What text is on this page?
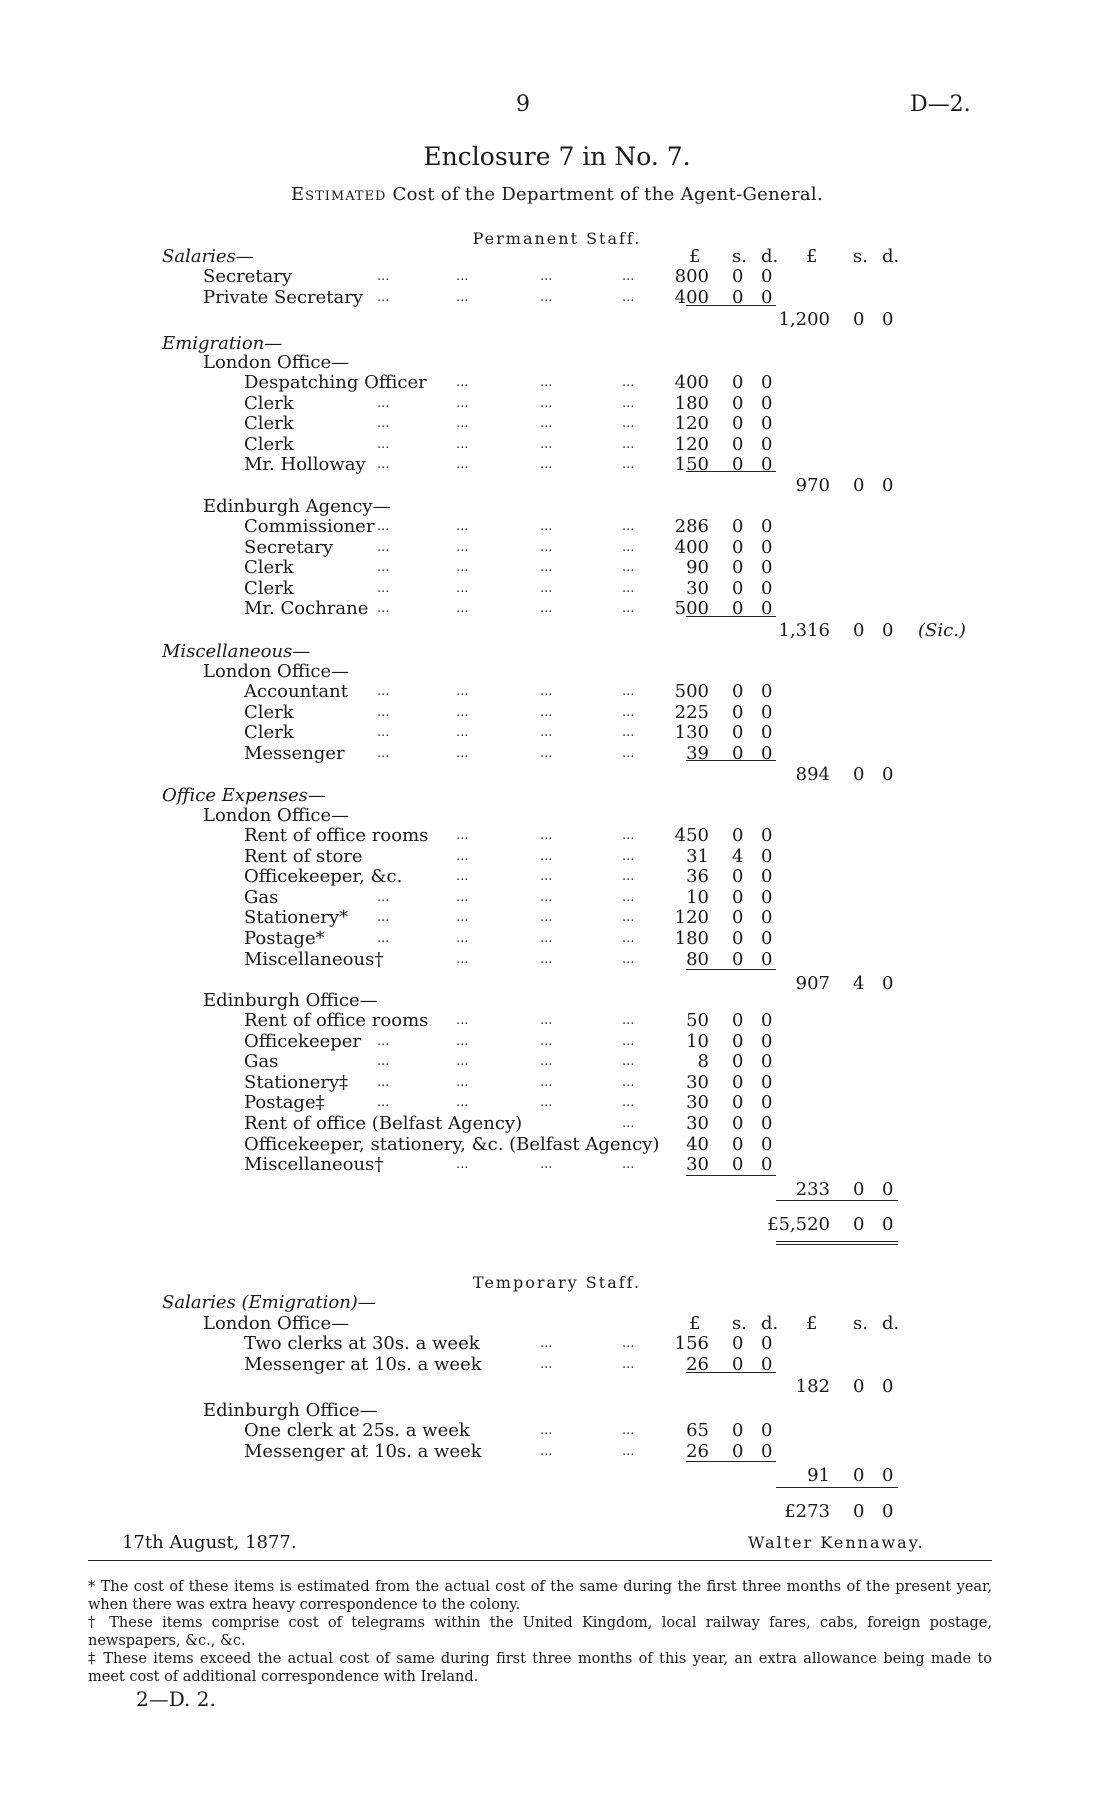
9	D—2.
Enclosure 7 in No. 7.
Estimated Cost of the Department of the Agent-General.
Permanent Staff.
£ s. d. £ s. d.
Salaries—
Secretary	...	...	...	... 800 0 0
Private Secretary ...	...	...	... 400 0 0
1,200 0 0
Emigration—
London Office—
Despatching Officer ...	...	... 400 0 0
Clerk	...	...	...	... 180 0 0
Clerk	...	...	...	... 120 0 0
Clerk	...	...	...	... 120 0 0
Mr. Holloway ...	...	...	... 150 0 0
970 0 0
Edinburgh Agency—
Commissioner ...	...	...	... 286 0 0
Secretary	...	...	...	... 400 0 0
Clerk	...	...	...	...	90 0 0
Clerk	...	...	...	...	30 0 0
Mr. Cochrane ...	...	...	... 500 0 0
1,316 0 0 (Sic.)
Miscellaneous—
London Office—
Accountant ...	...	...	... 500 0 0
Clerk	...	...	...	... 225 0 0
Clerk	...	...	...	... 130 0 0
Messenger ...	...	...	...	39 0 0
894 0 0
Office Expenses—
London Office—
Rent of office rooms ...	...	... 450 0 0
Rent of store	...	...	...	31 4 0
Officekeeper, &c.	...	...	...	36 0 0
Gas	...	...	...	...	10 0 0
Stationery* ...	...	...	... 120 0 0
Postage*	...	...	...	... 180 0 0
Miscellaneous†	...	...	...	80 0 0
907 4 0
Edinburgh Office—
Rent of office rooms ...	...	...	50 0 0
Officekeeper ...	...	...	...	10 0 0
Gas	...	...	...	...	8 0 0
Stationery‡ ...	...	...	...	30 0 0
Postage‡	...	...	...	...	30 0 0
Rent of office (Belfast Agency)	...	30 0 0
Officekeeper, stationery, &c. (Belfast Agency) 40 0 0
Miscellaneous†	...	...	...	30 0 0
233 0 0
£5,520 0 0
Temporary Staff.
Salaries (Emigration)—
London Office—	£ s. d. £ s. d.
Two clerks at 30s. a week	...	... 156 0 0
Messenger at 10s. a week	...	...	26 0 0
182 0 0
Edinburgh Office—
One clerk at 25s. a week	...	...	65 0 0
Messenger at 10s. a week	...	...	26 0 0
91 0 0
£273 0 0
17th August, 1877.	Walter Kennaway.
* The cost of these items is estimated from the actual cost of the same during the first three months of the present year, when there was extra heavy correspondence to the colony.
† These items comprise cost of telegrams within the United Kingdom, local railway fares, cabs, foreign postage, newspapers, &c., &c.
‡ These items exceed the actual cost of same during first three months of this year, an extra allowance being made to meet cost of additional correspondence with Ireland.
2—D. 2.
